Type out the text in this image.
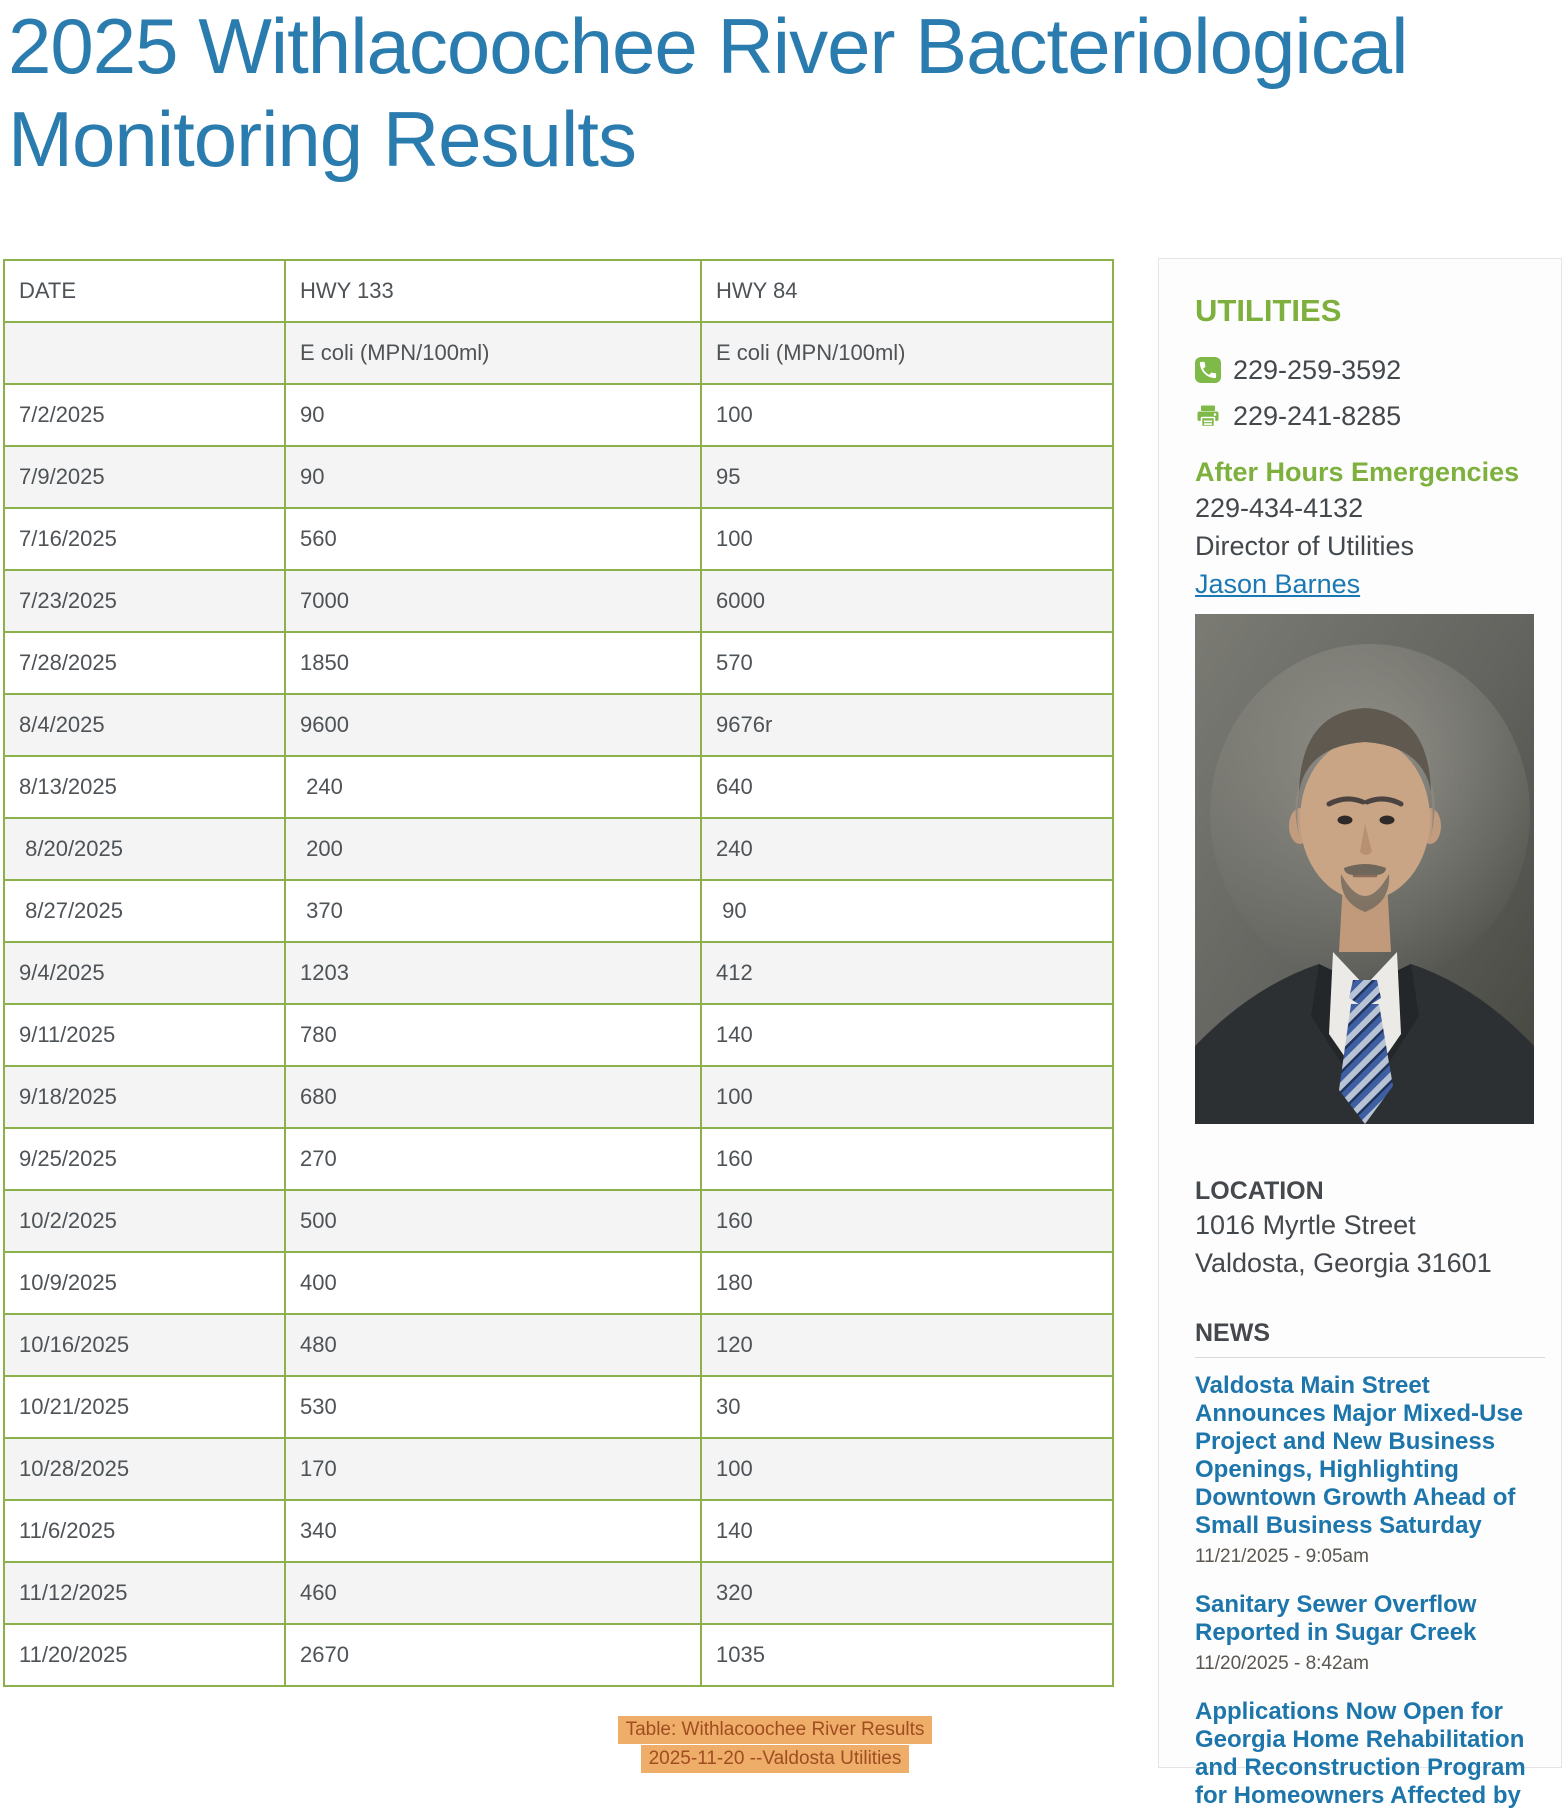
2025 Withlacoochee River Bacteriological
Monitoring Results
DATE	HWY 133	HWY 84
	E coli (MPN/100ml)	E coli (MPN/100ml)
7/2/2025	90	100
7/9/2025	90	95
7/16/2025	560	100
7/23/2025	7000	6000
7/28/2025	1850	570
8/4/2025	9600	9676r
8/13/2025	240	640
8/20/2025	200	240
8/27/2025	370	90
9/4/2025	1203	412
9/11/2025	780	140
9/18/2025	680	100
9/25/2025	270	160
10/2/2025	500	160
10/9/2025	400	180
10/16/2025	480	120
10/21/2025	530	30
10/28/2025	170	100
11/6/2025	340	140
11/12/2025	460	320
11/20/2025	2670	1035
Table: Withlacoochee River Results
2025-11-20 --Valdosta Utilities
UTILITIES
229-259-3592
229-241-8285
After Hours Emergencies
229-434-4132
Director of Utilities
Jason Barnes
LOCATION
1016 Myrtle Street
Valdosta, Georgia 31601
NEWS
Valdosta Main Street Announces Major Mixed-Use Project and New Business Openings, Highlighting Downtown Growth Ahead of Small Business Saturday
11/21/2025 - 9:05am
Sanitary Sewer Overflow Reported in Sugar Creek
11/20/2025 - 8:42am
Applications Now Open for Georgia Home Rehabilitation and Reconstruction Program for Homeowners Affected by
